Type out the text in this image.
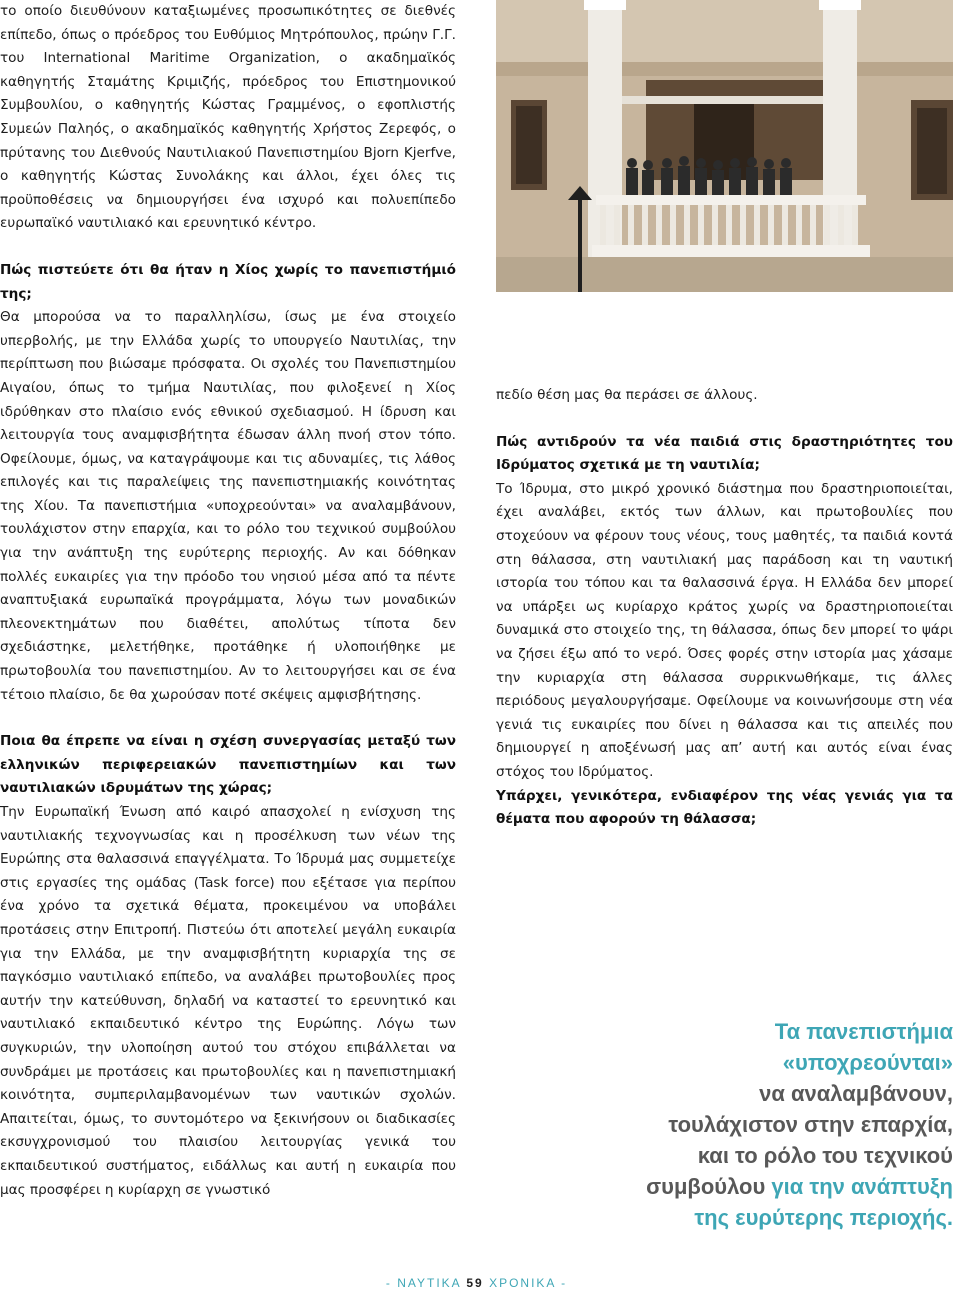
το οποίο διευθύνουν καταξιωμένες προσωπικότητες σε διεθνές επίπεδο, όπως ο πρόεδρος του Ευθύμιος Μητρόπουλος, πρώην Γ.Γ. του International Maritime Organization, ο ακαδημαϊκός καθηγητής Σταμάτης Κριμιζής, πρόεδρος του Επιστημονικού Συμβουλίου, ο καθηγητής Κώστας Γραμμένος, ο εφοπλιστής Συμεών Παληός, ο ακαδημαϊκός καθηγητής Χρήστος Ζερεφός, ο πρύτανης του Διεθνούς Ναυτιλιακού Πανεπιστημίου Bjorn Kjerfve, ο καθηγητής Κώστας Συνολάκης και άλλοι, έχει όλες τις προϋποθέσεις να δημιουργήσει ένα ισχυρό και πολυεπίπεδο ευρωπαϊκό ναυτιλιακό και ερευνητικό κέντρο.

Πώς πιστεύετε ότι θα ήταν η Χίος χωρίς το πανεπιστήμιό της;

Θα μπορούσα να το παραλληλίσω, ίσως με ένα στοιχείο υπερβολής, με την Ελλάδα χωρίς το υπουργείο Ναυτιλίας, την περίπτωση που βιώσαμε πρόσφατα. Οι σχολές του Πανεπιστημίου Αιγαίου, όπως το τμήμα Ναυτιλίας, που φιλοξενεί η Χίος ιδρύθηκαν στο πλαίσιο ενός εθνικού σχεδιασμού. Η ίδρυση και λειτουργία τους αναμφισβήτητα έδωσαν άλλη πνοή στον τόπο. Οφείλουμε, όμως, να καταγράψουμε και τις αδυναμίες, τις λάθος επιλογές και τις παραλείψεις της πανεπιστημιακής κοινότητας της Χίου. Τα πανεπιστήμια «υποχρεούνται» να αναλαμβάνουν, τουλάχιστον στην επαρχία, και το ρόλο του τεχνικού συμβούλου για την ανάπτυξη της ευρύτερης περιοχής. Αν και δόθηκαν πολλές ευκαιρίες για την πρόοδο του νησιού μέσα από τα πέντε αναπτυξιακά ευρωπαϊκά προγράμματα, λόγω των μοναδικών πλεονεκτημάτων που διαθέτει, απολύτως τίποτα δεν σχεδιάστηκε, μελετήθηκε, προτάθηκε ή υλοποιήθηκε με πρωτοβουλία του πανεπιστημίου. Αν το λειτουργήσει και σε ένα τέτοιο πλαίσιο, δε θα χωρούσαν ποτέ σκέψεις αμφισβήτησης.

Ποια θα έπρεπε να είναι η σχέση συνεργασίας μεταξύ των ελληνικών περιφερειακών πανεπιστημίων και των ναυτιλιακών ιδρυμάτων της χώρας;

Την Ευρωπαϊκή Ένωση από καιρό απασχολεί η ενίσχυση της ναυτιλιακής τεχνογνωσίας και η προσέλκυση των νέων της Ευρώπης στα θαλασσινά επαγγέλματα. Το Ίδρυμά μας συμμετείχε στις εργασίες της ομάδας (Task force) που εξέτασε για περίπου ένα χρόνο τα σχετικά θέματα, προκειμένου να υποβάλει προτάσεις στην Επιτροπή. Πιστεύω ότι αποτελεί μεγάλη ευκαιρία για την Ελλάδα, με την αναμφισβήτητη κυριαρχία της σε παγκόσμιο ναυτιλιακό επίπεδο, να αναλάβει πρωτοβουλίες προς αυτήν την κατεύθυνση, δηλαδή να καταστεί το ερευνητικό και ναυτιλιακό εκπαιδευτικό κέντρο της Ευρώπης. Λόγω των συγκυριών, την υλοποίηση αυτού του στόχου επιβάλλεται να συνδράμει με προτάσεις και πρωτοβουλίες και η πανεπιστημιακή κοινότητα, συμπεριλαμβανομένων των ναυτικών σχολών. Απαιτείται, όμως, το συντομότερο να ξεκινήσουν οι διαδικασίες εκσυγχρονισμού του πλαισίου λειτουργίας γενικά του εκπαιδευτικού συστήματος, ειδάλλως και αυτή η ευκαιρία που μας προσφέρει η κυρίαρχη σε γνωστικό

πεδίο θέση μας θα περάσει σε άλλους.

Πώς αντιδρούν τα νέα παιδιά στις δραστηριότητες του Ιδρύματος σχετικά με τη ναυτιλία;

Το Ίδρυμα, στο μικρό χρονικό διάστημα που δραστηριοποιείται, έχει αναλάβει, εκτός των άλλων, και πρωτοβουλίες που στοχεύουν να φέρουν τους νέους, τους μαθητές, τα παιδιά κοντά στη θάλασσα, στη ναυτιλιακή μας παράδοση και τη ναυτική ιστορία του τόπου και τα θαλασσινά έργα. Η Ελλάδα δεν μπορεί να υπάρξει ως κυρίαρχο κράτος χωρίς να δραστηριοποιείται δυναμικά στο στοιχείο της, τη θάλασσα, όπως δεν μπορεί το ψάρι να ζήσει έξω από το νερό. Όσες φορές στην ιστορία μας χάσαμε την κυριαρχία στη θάλασσα συρρικνωθήκαμε, τις άλλες περιόδους μεγαλουργήσαμε. Οφείλουμε να κοινωνήσουμε στη νέα γενιά τις ευκαιρίες που δίνει η θάλασσα και τις απειλές που δημιουργεί η αποξένωσή μας απ’ αυτή και αυτός είναι ένας στόχος του Ιδρύματος.

Υπάρχει, γενικότερα, ενδιαφέρον της νέας γενιάς για τα θέματα που αφορούν τη θάλασσα;

Τα πανεπιστήμια
«υποχρεούνται»
να αναλαμβάνουν,
τουλάχιστον στην επαρχία,
και το ρόλο του τεχνικού
συμβούλου για την ανάπτυξη
της ευρύτερης περιοχής.
- ΝΑΥΤΙΚΑ 59 ΧΡΟΝΙΚΑ -
